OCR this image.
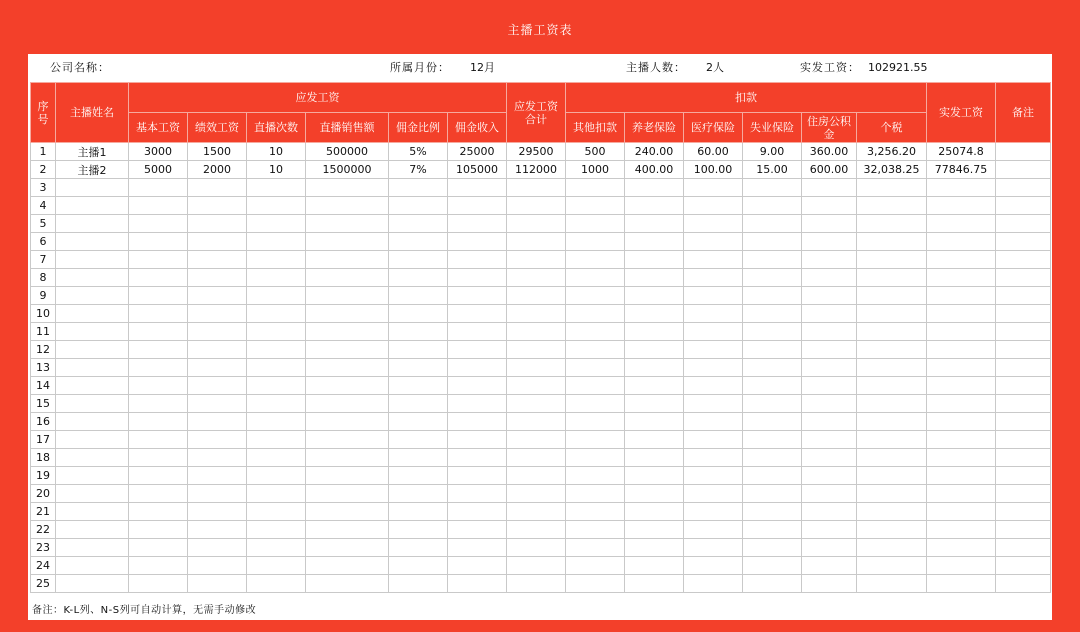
主播工资表
公司名称：	所属月份： 12月	主播人数： 2人	实发工资： 102921.55
序号	主播姓名	应发工资						应发工资合计	扣款						实发工资	备注
		基本工资	绩效工资	直播次数	直播销售额	佣金比例	佣金收入		其他扣款	养老保险	医疗保险	失业保险	住房公积金	个税		
1	主播1	3000	1500	10	500000	5%	25000	29500	500	240.00	60.00	9.00	360.00	3,256.20	25074.8	
2	主播2	5000	2000	10	1500000	7%	105000	112000	1000	400.00	100.00	15.00	600.00	32,038.25	77846.75	
3																
4																
5																
6																
7																
8																
9																
10																
11																
12																
13																
14																
15																
16																
17																
18																
19																
20																
21																
22																
23																
24																
25																
备注：K-L列、N-S列可自动计算，无需手动修改
